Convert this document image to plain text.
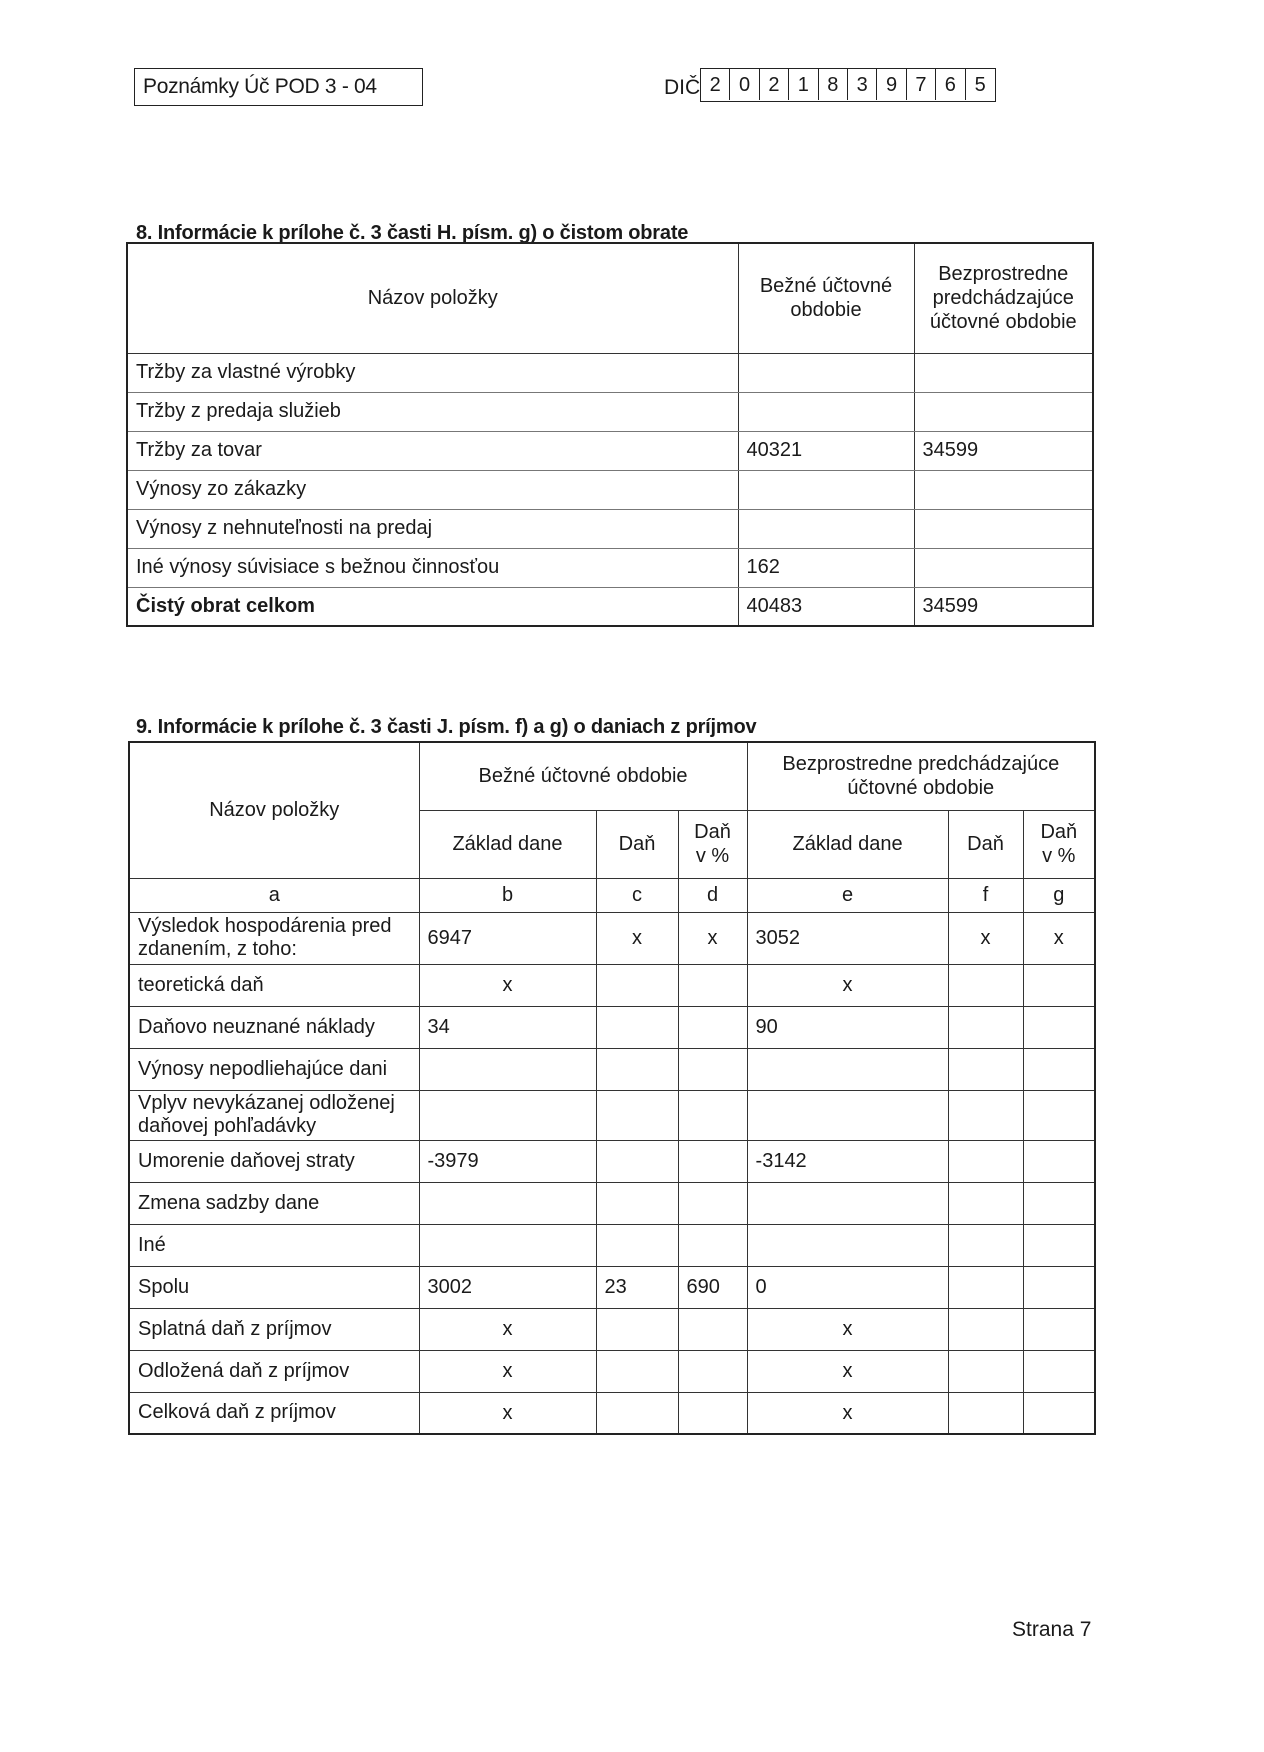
Poznámky Úč POD 3 - 04	DIČ 2 0 2 1 8 3 9 7 6 5
8. Informácie k prílohe č. 3 časti H. písm. g) o čistom obrate
Názov položky	Bežné účtovné obdobie	Bezprostredne predchádzajúce účtovné obdobie
Tržby za vlastné výrobky		
Tržby z predaja služieb		
Tržby za tovar	40321	34599
Výnosy zo zákazky		
Výnosy z nehnuteľnosti na predaj		
Iné výnosy súvisiace s bežnou činnosťou	162	
Čistý obrat celkom	40483	34599
9. Informácie k prílohe č. 3 časti J. písm. f) a g) o daniach z príjmov
Názov položky	Bežné účtovné obdobie			Bezprostredne predchádzajúce účtovné obdobie		
	Základ dane	Daň	Daň v %	Základ dane	Daň	Daň v %
a	b	c	d	e	f	g
Výsledok hospodárenia pred zdanením, z toho:	6947	x	x	3052	x	x
teoretická daň	x			x		
Daňovo neuznané náklady	34			90		
Výnosy nepodliehajúce dani						
Vplyv nevykázanej odloženej daňovej pohľadávky						
Umorenie daňovej straty	-3979			-3142		
Zmena sadzby dane						
Iné						
Spolu	3002	23	690	0		
Splatná daň z príjmov	x			x		
Odložená daň z príjmov	x			x		
Celková daň z príjmov	x			x		
Strana 7
